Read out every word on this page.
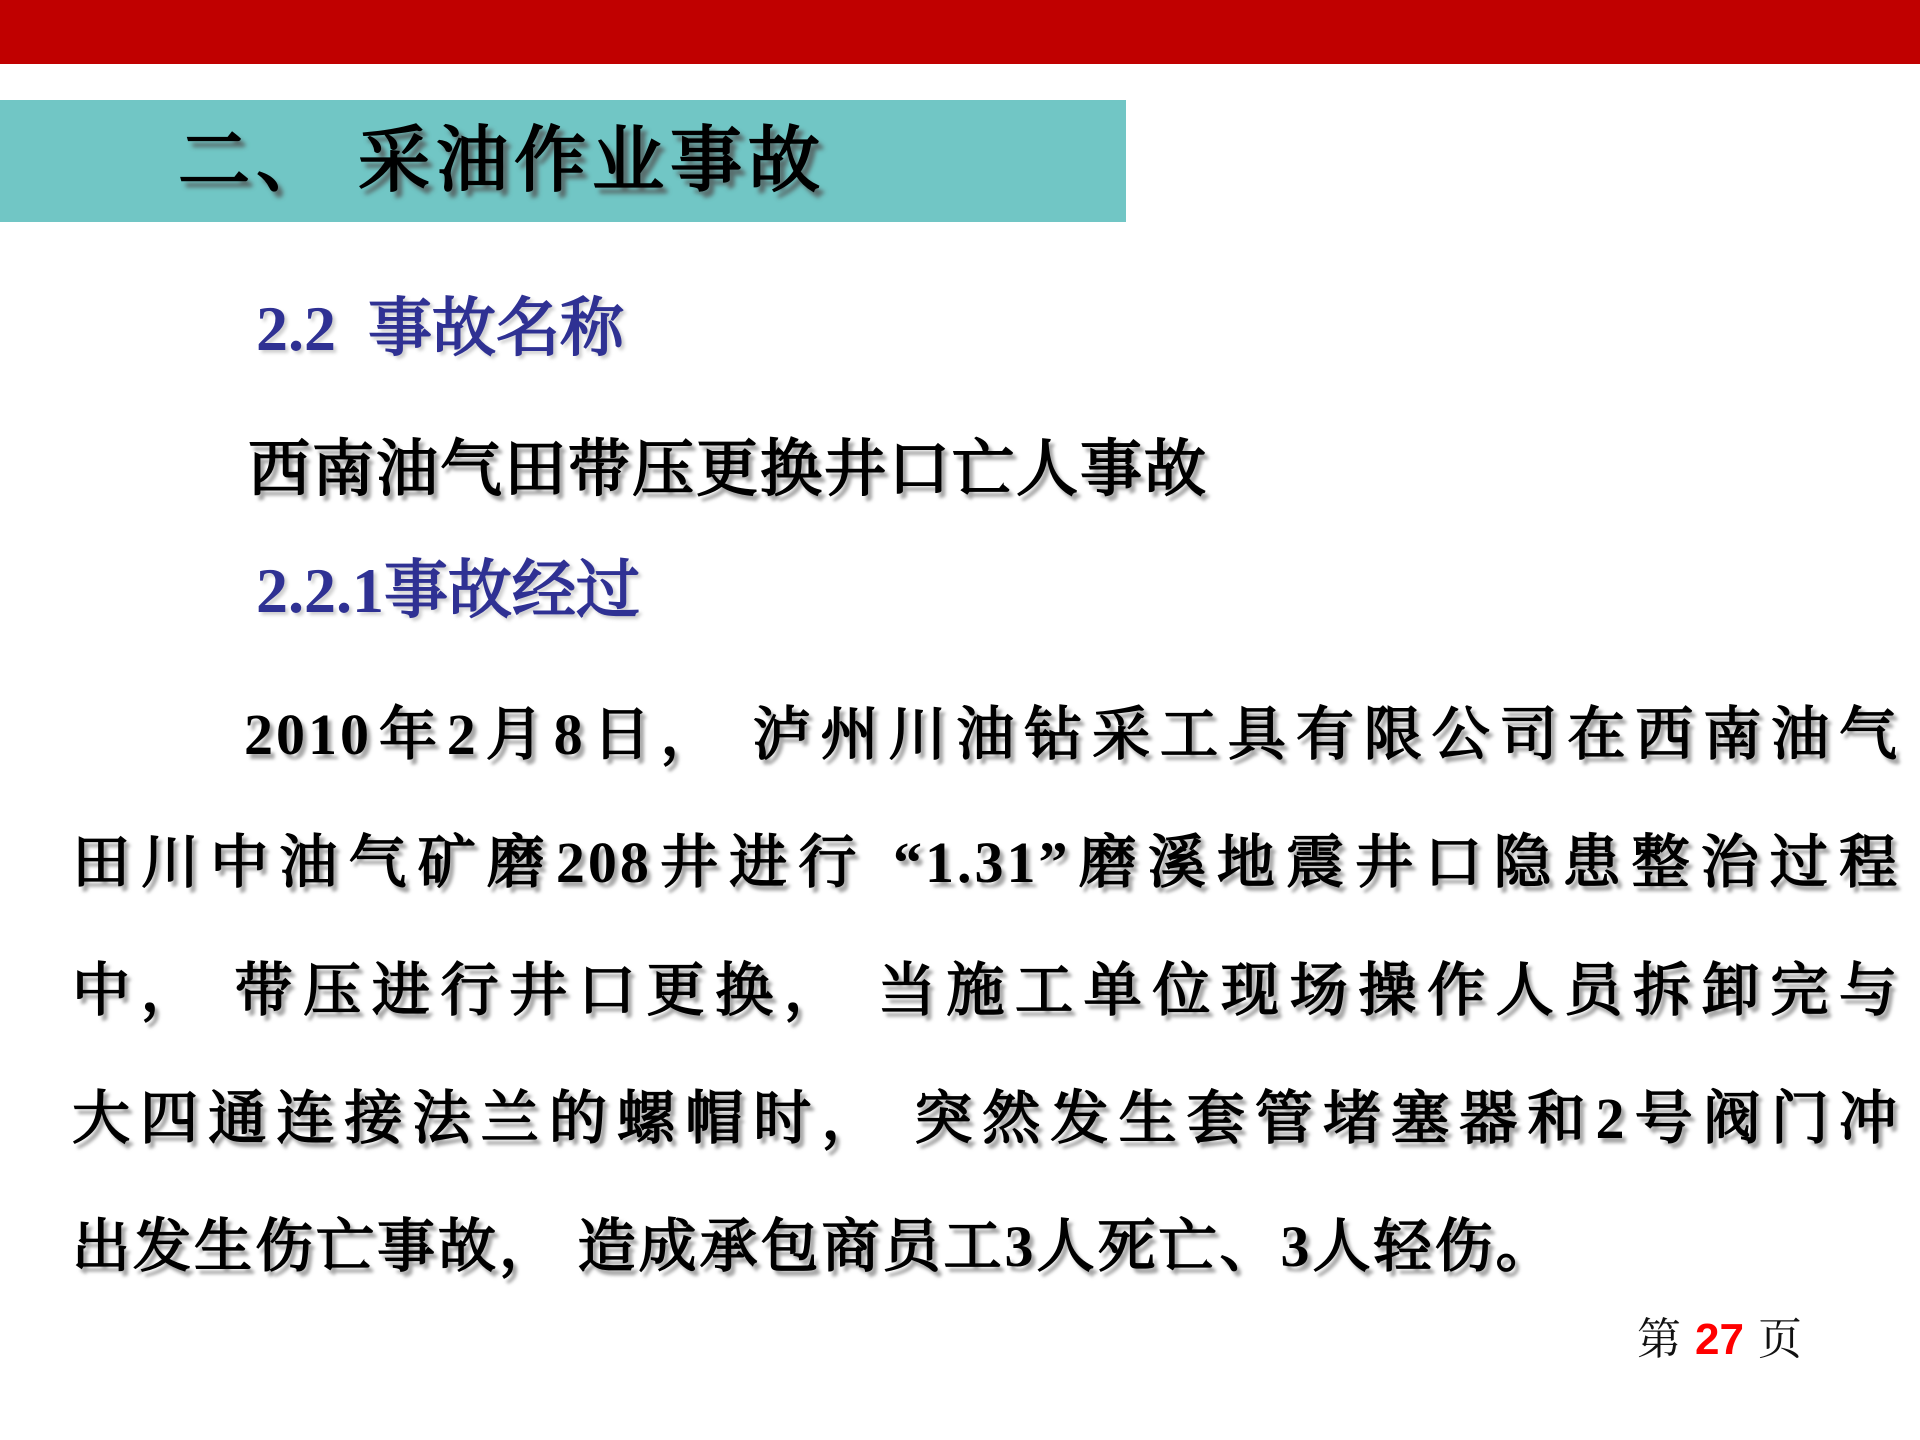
二、 采油作业事故
2.2  事故名称
西南油气田带压更换井口亡人事故
2.2.1事故经过
2010年2月8日， 泸州川油钻采工具有限公司在西南油气
田川中油气矿磨208井进行 “1.31”磨溪地震井口隐患整治过程
中， 带压进行井口更换， 当施工单位现场操作人员拆卸完与
大四通连接法兰的螺帽时， 突然发生套管堵塞器和2号阀门冲
出发生伤亡事故， 造成承包商员工3人死亡、3人轻伤。
第 27 页
